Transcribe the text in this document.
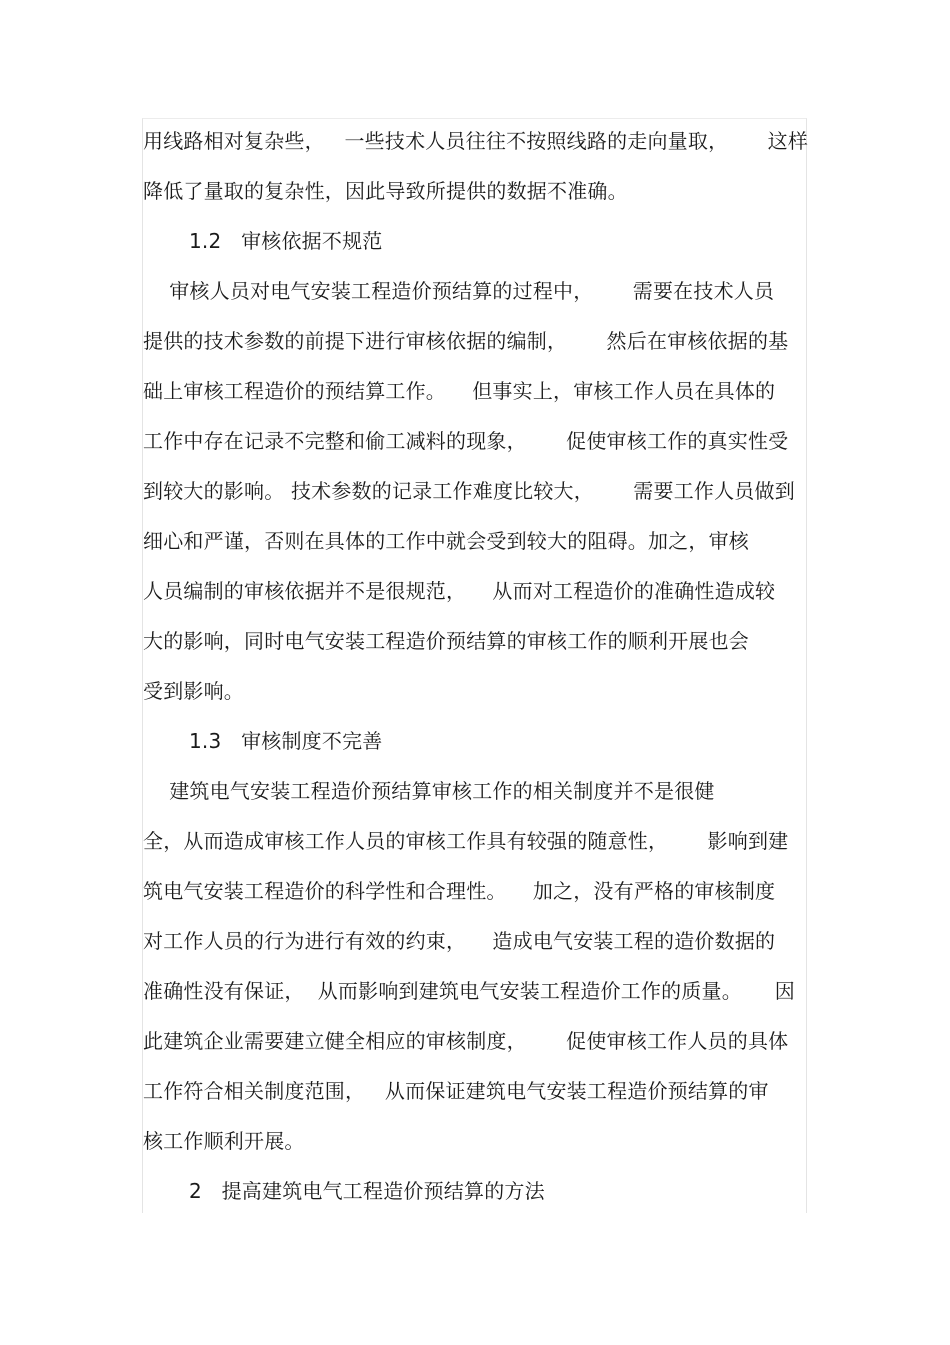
用线路相对复杂些，   一些技术人员往往不按照线路的走向量取，      这样
降低了量取的复杂性，因此导致所提供的数据不准确。
1.2   审核依据不规范
审核人员对电气安装工程造价预结算的过程中，      需要在技术人员
提供的技术参数的前提下进行审核依据的编制，      然后在审核依据的基
础上审核工程造价的预结算工作。    但事实上，审核工作人员在具体的
工作中存在记录不完整和偷工减料的现象，      促使审核工作的真实性受
到较大的影响。 技术参数的记录工作难度比较大，      需要工作人员做到
细心和严谨，否则在具体的工作中就会受到较大的阻碍。加之，审核
人员编制的审核依据并不是很规范，    从而对工程造价的准确性造成较
大的影响，同时电气安装工程造价预结算的审核工作的顺利开展也会
受到影响。
1.3   审核制度不完善
建筑电气安装工程造价预结算审核工作的相关制度并不是很健
全，从而造成审核工作人员的审核工作具有较强的随意性，      影响到建
筑电气安装工程造价的科学性和合理性。    加之，没有严格的审核制度
对工作人员的行为进行有效的约束，    造成电气安装工程的造价数据的
准确性没有保证，  从而影响到建筑电气安装工程造价工作的质量。     因
此建筑企业需要建立健全相应的审核制度，      促使审核工作人员的具体
工作符合相关制度范围，   从而保证建筑电气安装工程造价预结算的审
核工作顺利开展。
2   提高建筑电气工程造价预结算的方法
